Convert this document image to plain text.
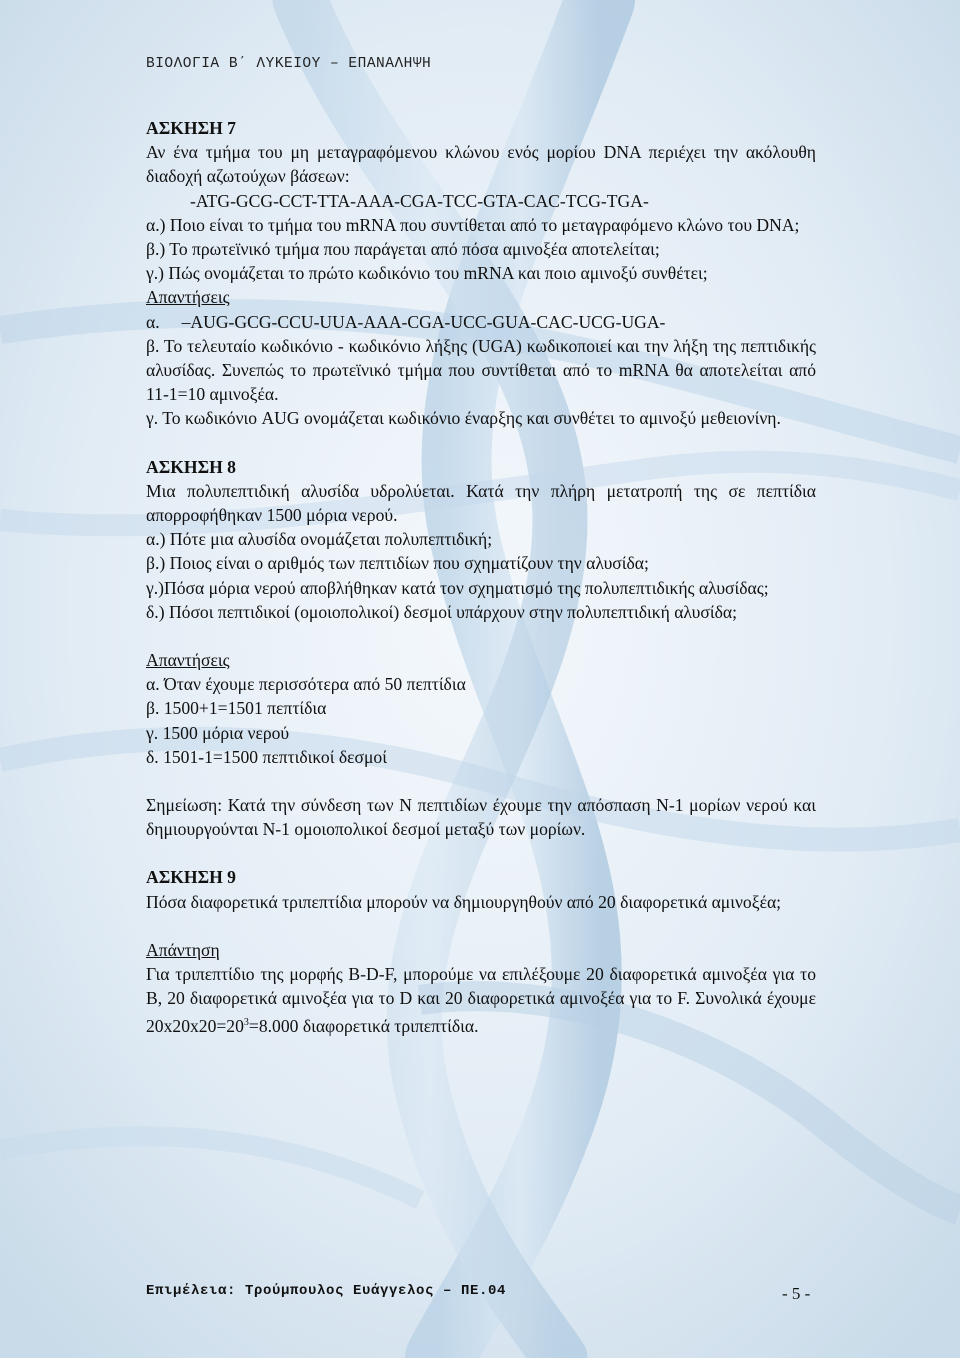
ΒΙΟΛΟΓΙΑ Β΄ ΛΥΚΕΙΟΥ – ΕΠΑΝΑΛΗΨΗ

ΑΣΚΗΣΗ 7

Αν ένα τμήμα του μη μεταγραφόμενου κλώνου ενός μορίου DNA περιέχει την ακόλουθη διαδοχή αζωτούχων βάσεων:

-ATG-GCG-CCT-TTA-AAA-CGA-TCC-GTA-CAC-TCG-TGA-

α.) Ποιο είναι το τμήμα του mRNA που συντίθεται από το μεταγραφόμενο κλώνο του DNA;

β.) Το πρωτεϊνικό τμήμα που παράγεται από πόσα αμινοξέα αποτελείται;

γ.) Πώς ονομάζεται το πρώτο κωδικόνιο του mRNA και ποιο αμινοξύ συνθέτει;

Απαντήσεις

α. –AUG-GCG-CCU-UUA-AAA-CGA-UCC-GUA-CAC-UCG-UGA-

β. Το τελευταίο κωδικόνιο - κωδικόνιο λήξης (UGA) κωδικοποιεί και την λήξη της πεπτιδικής αλυσίδας. Συνεπώς το πρωτεϊνικό τμήμα που συντίθεται από το mRNA θα αποτελείται από 11-1=10 αμινοξέα.

γ. Το κωδικόνιο AUG ονομάζεται κωδικόνιο έναρξης και συνθέτει το αμινοξύ μεθειονίνη.

ΑΣΚΗΣΗ 8

Μια πολυπεπτιδική αλυσίδα υδρολύεται. Κατά την πλήρη μετατροπή της σε πεπτίδια απορροφήθηκαν 1500 μόρια νερού.

α.) Πότε μια αλυσίδα ονομάζεται πολυπεπτιδική;

β.) Ποιος είναι ο αριθμός των πεπτιδίων που σχηματίζουν την αλυσίδα;

γ.)Πόσα μόρια νερού αποβλήθηκαν κατά τον σχηματισμό της πολυπεπτιδικής αλυσίδας;

δ.) Πόσοι πεπτιδικοί (ομοιοπολικοί) δεσμοί υπάρχουν στην πολυπεπτιδική αλυσίδα;

Απαντήσεις

α. Όταν έχουμε περισσότερα από 50 πεπτίδια

β. 1500+1=1501 πεπτίδια

γ. 1500 μόρια νερού

δ. 1501-1=1500 πεπτιδικοί δεσμοί

Σημείωση: Κατά την σύνδεση των Ν πεπτιδίων έχουμε την απόσπαση Ν-1 μορίων νερού και δημιουργούνται Ν-1 ομοιοπολικοί δεσμοί μεταξύ των μορίων.

ΑΣΚΗΣΗ 9

Πόσα διαφορετικά τριπεπτίδια μπορούν να δημιουργηθούν από 20 διαφορετικά αμινοξέα;

Απάντηση

Για τριπεπτίδιο της μορφής B-D-F, μπορούμε να επιλέξουμε 20 διαφορετικά αμινοξέα για το B, 20 διαφορετικά αμινοξέα για το D και 20 διαφορετικά αμινοξέα για το F. Συνολικά έχουμε $20x20x20=20^3=8.000$ διαφορετικά τριπεπτίδια.

Επιμέλεια: Τρούμπουλος Ευάγγελος – ΠΕ.04	- 5 -
